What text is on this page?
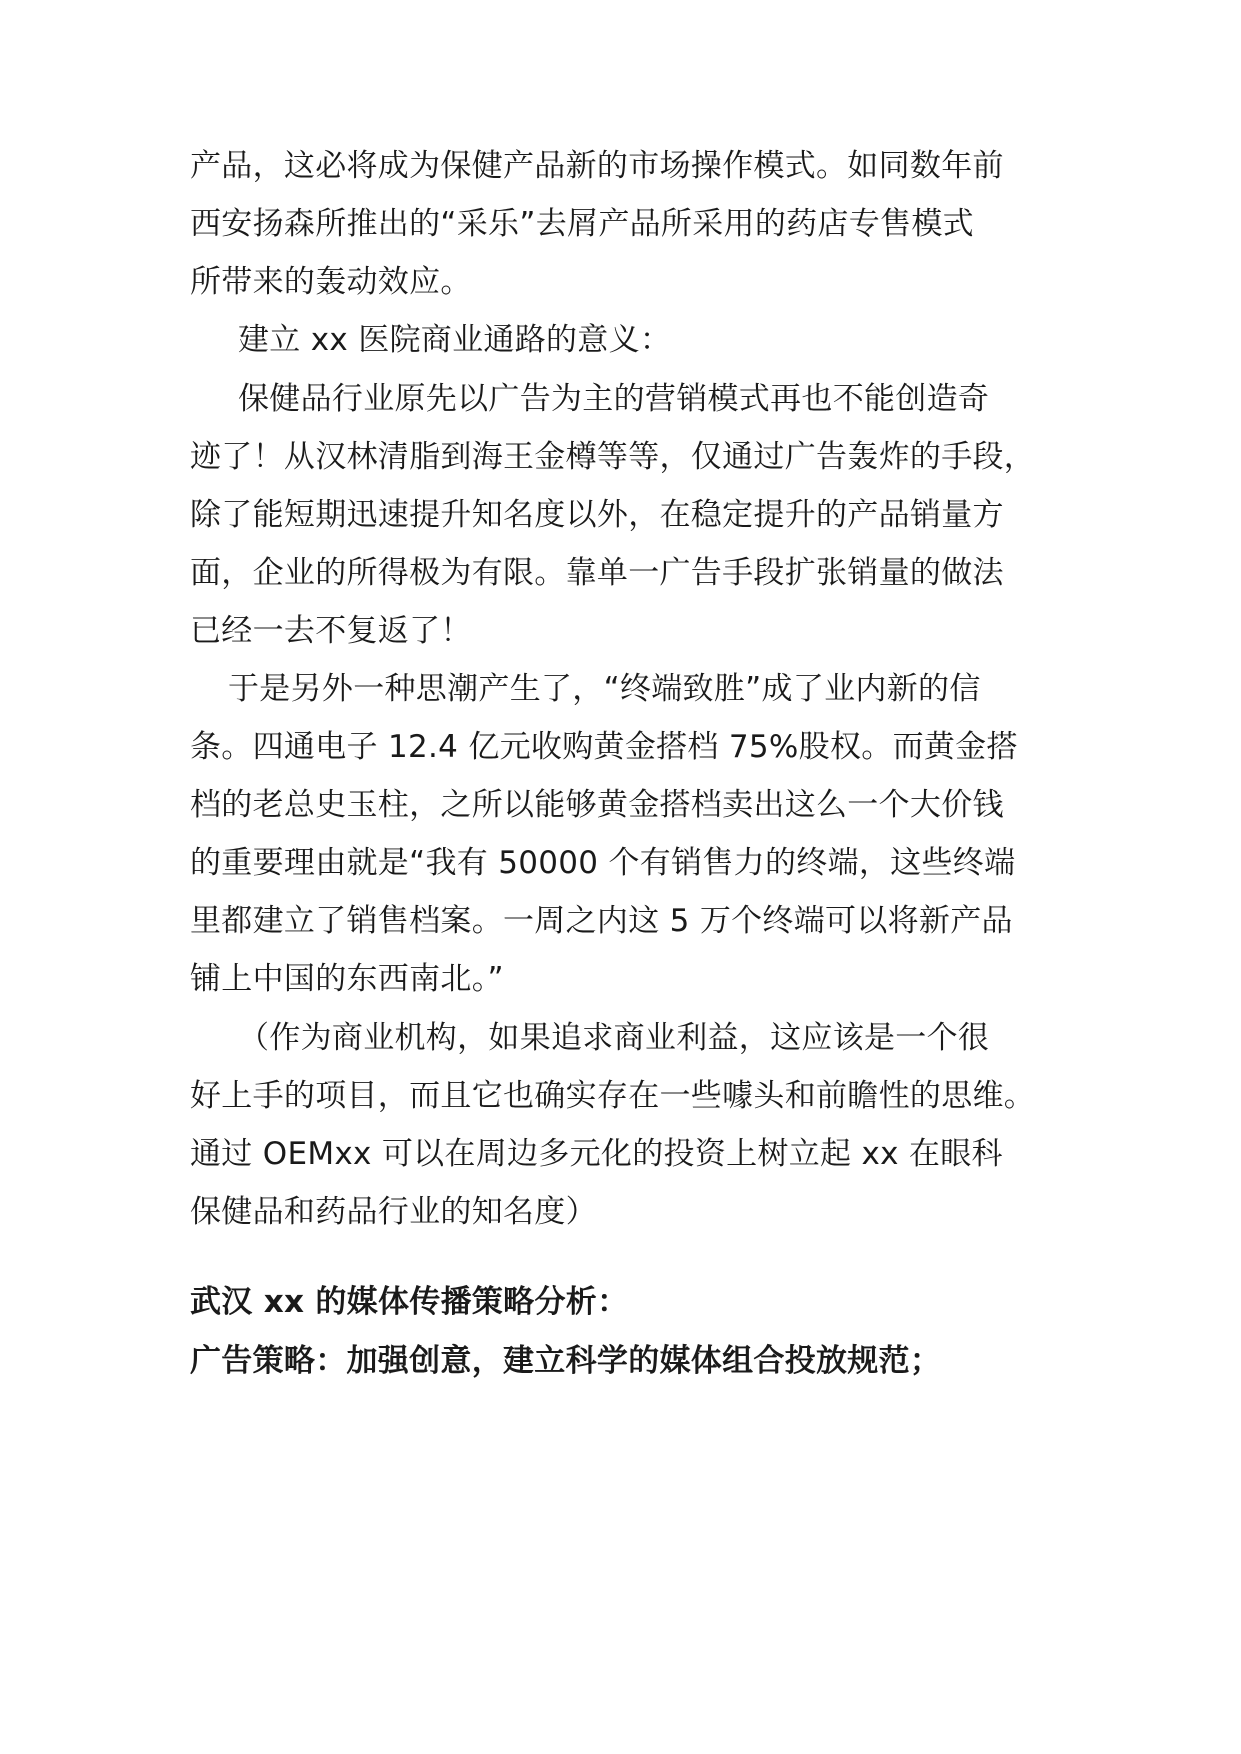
产品，这必将成为保健产品新的市场操作模式。如同数年前
西安扬森所推出的“采乐”去屑产品所采用的药店专售模式
所带来的轰动效应。
建立 xx 医院商业通路的意义：
保健品行业原先以广告为主的营销模式再也不能创造奇
迹了！从汉林清脂到海王金樽等等，仅通过广告轰炸的手段，
除了能短期迅速提升知名度以外，在稳定提升的产品销量方
面，企业的所得极为有限。靠单一广告手段扩张销量的做法
已经一去不复返了！
于是另外一种思潮产生了，“终端致胜”成了业内新的信
条。四通电子 12.4 亿元收购黄金搭档 75%股权。而黄金搭
档的老总史玉柱，之所以能够黄金搭档卖出这么一个大价钱
的重要理由就是“我有 50000 个有销售力的终端，这些终端
里都建立了销售档案。一周之内这 5 万个终端可以将新产品
铺上中国的东西南北。”
（作为商业机构，如果追求商业利益，这应该是一个很
好上手的项目，而且它也确实存在一些噱头和前瞻性的思维。
通过 OEMxx 可以在周边多元化的投资上树立起 xx 在眼科
保健品和药品行业的知名度）
武汉 xx 的媒体传播策略分析：
广告策略：加强创意，建立科学的媒体组合投放规范；
